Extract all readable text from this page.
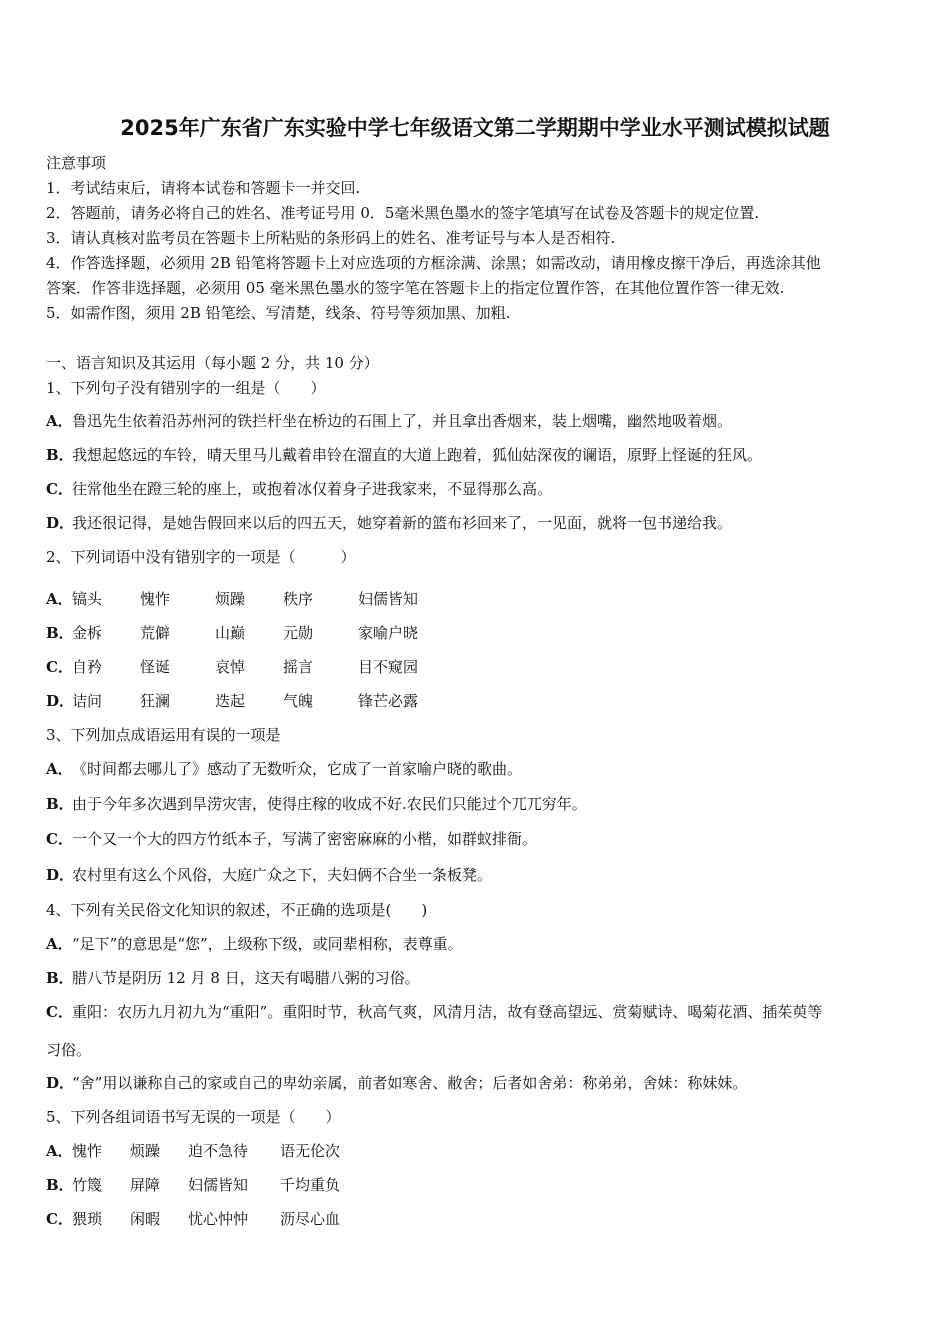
2025年广东省广东实验中学七年级语文第二学期期中学业水平测试模拟试题
注意事项
1．考试结束后，请将本试卷和答题卡一并交回.
2．答题前，请务必将自己的姓名、准考证号用 0．5毫米黑色墨水的签字笔填写在试卷及答题卡的规定位置.
3．请认真核对监考员在答题卡上所粘贴的条形码上的姓名、准考证号与本人是否相符.
4．作答选择题，必须用 2B 铅笔将答题卡上对应选项的方框涂满、涂黑；如需改动，请用橡皮擦干净后，再选涂其他
答案．作答非选择题，必须用 05 毫米黑色墨水的签字笔在答题卡上的指定位置作答，在其他位置作答一律无效.
5．如需作图，须用 2B 铅笔绘、写清楚，线条、符号等须加黑、加粗.
一、语言知识及其运用（每小题 2 分，共 10 分）
1、下列句子没有错别字的一组是（　　）
A．鲁迅先生依着沿苏州河的铁拦杆坐在桥边的石围上了，并且拿出香烟来，装上烟嘴，幽然地吸着烟。
B．我想起悠远的车铃，晴天里马儿戴着串铃在溜直的大道上跑着，狐仙姑深夜的谰语，原野上怪诞的狂风。
C．往常他坐在蹬三轮的座上，或抱着冰仅着身子进我家来，不显得那么高。
D．我还很记得，是她告假回来以后的四五天，她穿着新的篮布衫回来了，一见面，就将一包书递给我。
2、下列词语中没有错别字的一项是（　　　）
A．镐头	愧怍	烦躁	秩序	妇儒皆知
B．金柝	荒僻	山巅	元勋	家喻户晓
C．自矜	怪诞	哀悼	摇言	目不窥园
D．诘问	狂澜	迭起	气魄	锋芒必露
3、下列加点成语运用有误的一项是
A．《时间都去哪儿了》感动了无数听众，它成了一首家喻户晓的歌曲。
B．由于今年多次遇到旱涝灾害，使得庄稼的收成不好.农民们只能过个兀兀穷年。
C．一个又一个大的四方竹纸本子，写满了密密麻麻的小楷，如群蚁排衙。
D．农村里有这么个风俗，大庭广众之下，夫妇俩不合坐一条板凳。
4、下列有关民俗文化知识的叙述，不正确的选项是(　　)
A．“足下”的意思是“您”，上级称下级，或同辈相称，表尊重。
B．腊八节是阴历 12 月 8 日，这天有喝腊八粥的习俗。
C．重阳：农历九月初九为“重阳”。重阳时节，秋高气爽，风清月洁，故有登高望远、赏菊赋诗、喝菊花酒、插茱萸等
习俗。
D．“舍”用以谦称自己的家或自己的卑幼亲属，前者如寒舍、敝舍；后者如舍弟：称弟弟，舍妹：称妹妹。
5、下列各组词语书写无误的一项是（　　）
A．愧怍 烦躁 迫不急待 语无伦次
B．竹篾 屏障 妇儒皆知 千均重负
C．猥琐 闲暇 忧心忡忡 沥尽心血
